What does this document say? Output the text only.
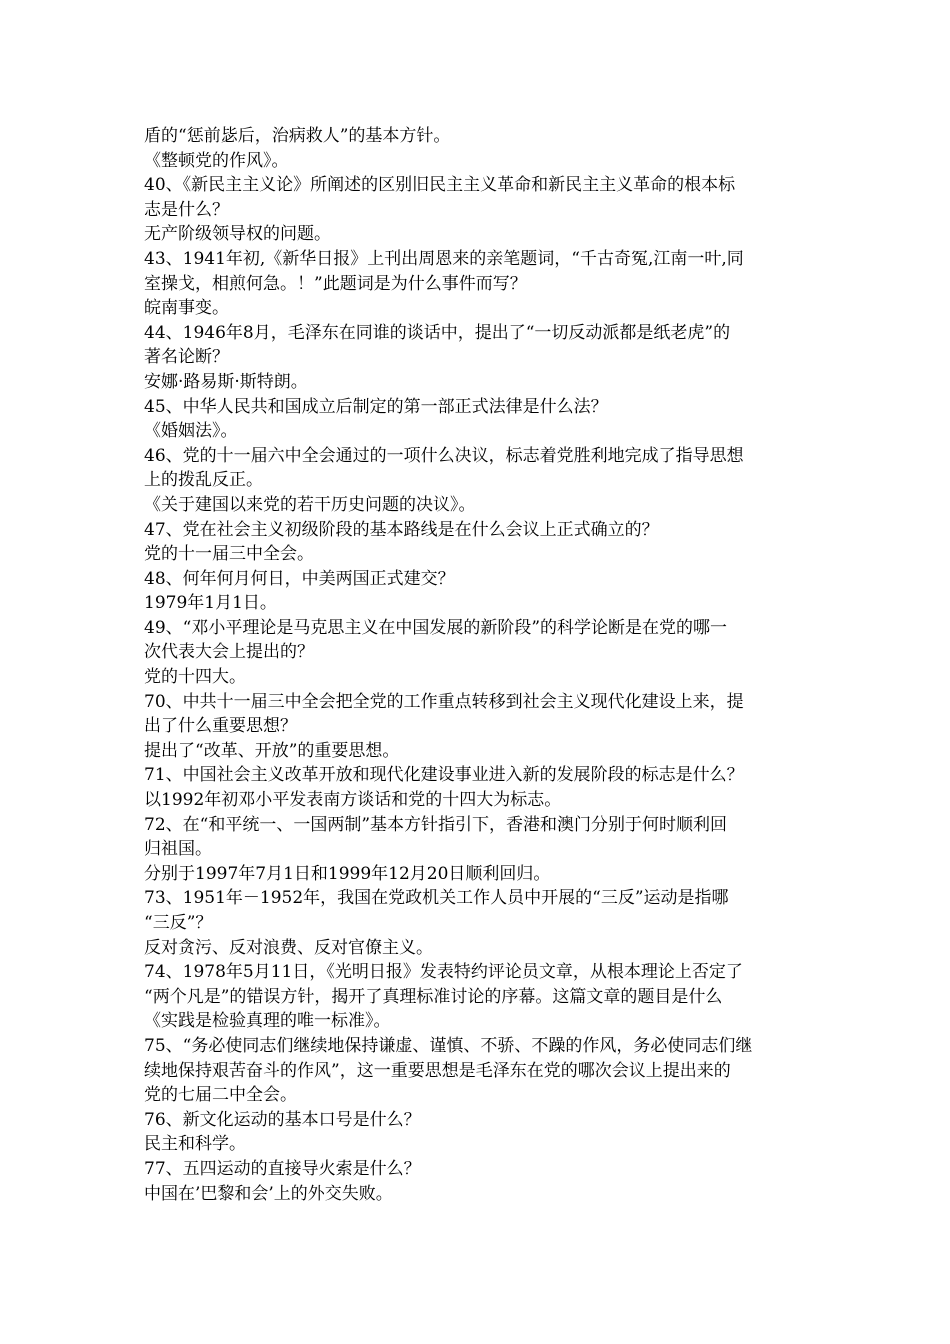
盾的“惩前毖后，治病救人”的基本方针。
《整顿党的作风》。
40、《新民主主义论》所阐述的区别旧民主主义革命和新民主主义革命的根本标
志是什么？
无产阶级领导权的问题。
43、1941年初,《新华日报》上刊出周恩来的亲笔题词，“千古奇冤,江南一叶,同
室操戈，相煎何急。！”此题词是为什么事件而写？
皖南事变。
44、1946年8月，毛泽东在同谁的谈话中，提出了“一切反动派都是纸老虎”的
著名论断？
安娜·路易斯·斯特朗。
45、中华人民共和国成立后制定的第一部正式法律是什么法？
《婚姻法》。
46、党的十一届六中全会通过的一项什么决议，标志着党胜利地完成了指导思想
上的拨乱反正。
《关于建国以来党的若干历史问题的决议》。
47、党在社会主义初级阶段的基本路线是在什么会议上正式确立的？
党的十一届三中全会。
48、何年何月何日，中美两国正式建交？
1979年1月1日。
49、“邓小平理论是马克思主义在中国发展的新阶段”的科学论断是在党的哪一
次代表大会上提出的？
党的十四大。
70、中共十一届三中全会把全党的工作重点转移到社会主义现代化建设上来，提
出了什么重要思想？
提出了“改革、开放”的重要思想。
71、中国社会主义改革开放和现代化建设事业进入新的发展阶段的标志是什么？
以1992年初邓小平发表南方谈话和党的十四大为标志。
72、在“和平统一、一国两制”基本方针指引下，香港和澳门分别于何时顺利回
归祖国。
分别于1997年7月1日和1999年12月20日顺利回归。
73、1951年－1952年，我国在党政机关工作人员中开展的“三反”运动是指哪
“三反”？
反对贪污、反对浪费、反对官僚主义。
74、1978年5月11日，《光明日报》发表特约评论员文章，从根本理论上否定了
“两个凡是”的错误方针，揭开了真理标准讨论的序幕。这篇文章的题目是什么
《实践是检验真理的唯一标准》。
75、“务必使同志们继续地保持谦虚、谨慎、不骄、不躁的作风，务必使同志们继
续地保持艰苦奋斗的作风”，这一重要思想是毛泽东在党的哪次会议上提出来的
党的七届二中全会。
76、新文化运动的基本口号是什么？
民主和科学。
77、五四运动的直接导火索是什么？
中国在’巴黎和会’上的外交失败。
